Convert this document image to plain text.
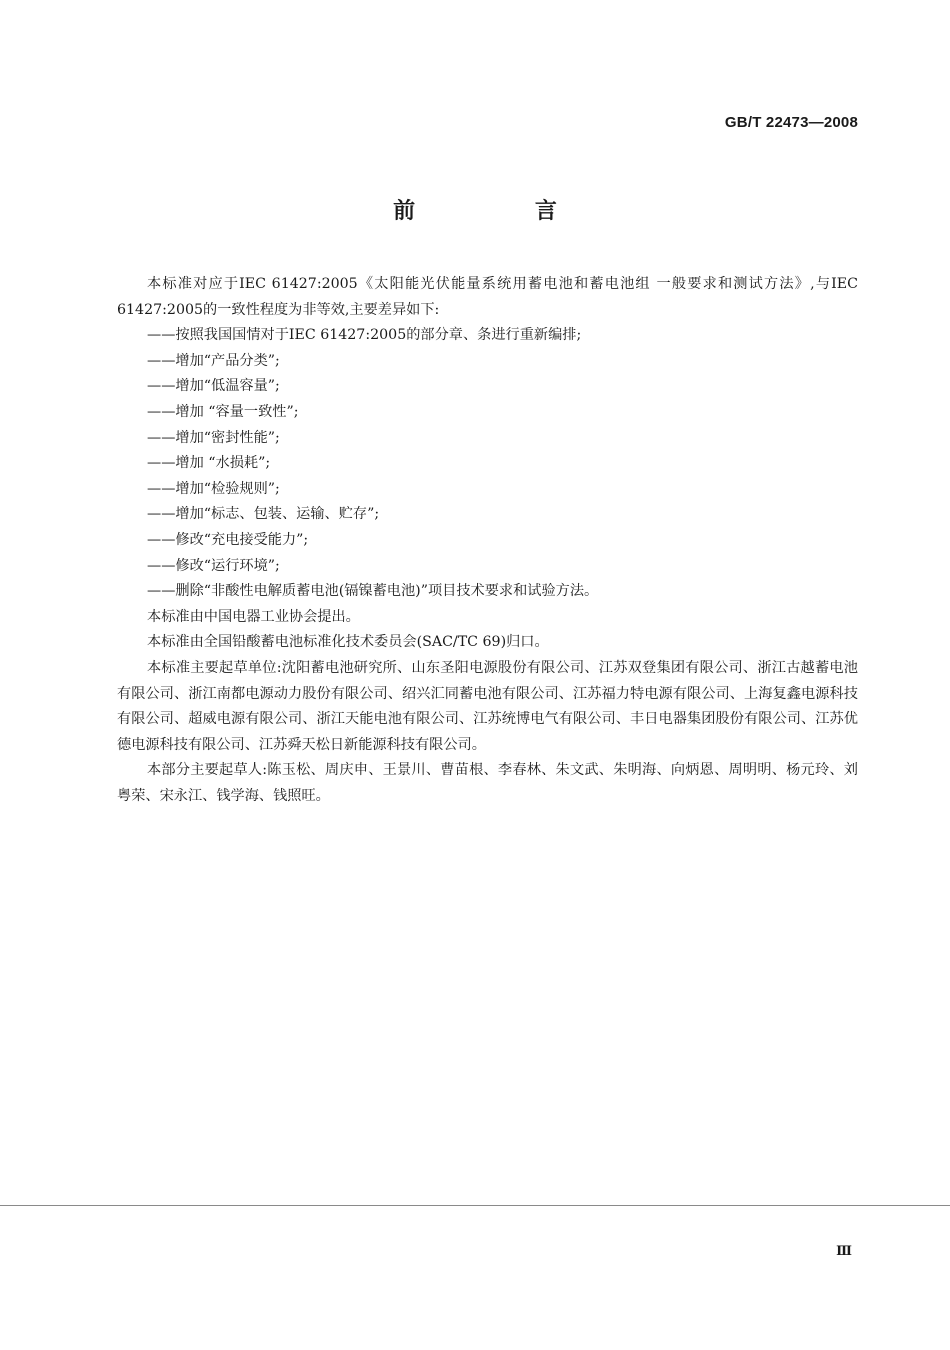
GB/T 22473—2008
前 言

本标准对应于IEC 61427:2005《太阳能光伏能量系统用蓄电池和蓄电池组 一般要求和测试方法》,与IEC 61427:2005的一致性程度为非等效,主要差异如下:

——按照我国国情对于IEC 61427:2005的部分章、条进行重新编排;

——增加“产品分类”;

——增加“低温容量”;

——增加 “容量一致性”;

——增加“密封性能”;

——增加 “水损耗”;

——增加“检验规则”;

——增加“标志、包装、运输、贮存”;

——修改“充电接受能力”;

——修改“运行环境”;

——删除“非酸性电解质蓄电池(镉镍蓄电池)”项目技术要求和试验方法。

本标准由中国电器工业协会提出。

本标准由全国铅酸蓄电池标准化技术委员会(SAC/TC 69)归口。

本标准主要起草单位:沈阳蓄电池研究所、山东圣阳电源股份有限公司、江苏双登集团有限公司、浙江古越蓄电池有限公司、浙江南都电源动力股份有限公司、绍兴汇同蓄电池有限公司、江苏福力特电源有限公司、上海复鑫电源科技有限公司、超威电源有限公司、浙江天能电池有限公司、江苏统博电气有限公司、丰日电器集团股份有限公司、江苏优德电源科技有限公司、江苏舜天松日新能源科技有限公司。

本部分主要起草人:陈玉松、周庆申、王景川、曹苗根、李春林、朱文武、朱明海、向炳恩、周明明、杨元玲、刘粤荣、宋永江、钱学海、钱照旺。

Ⅲ
